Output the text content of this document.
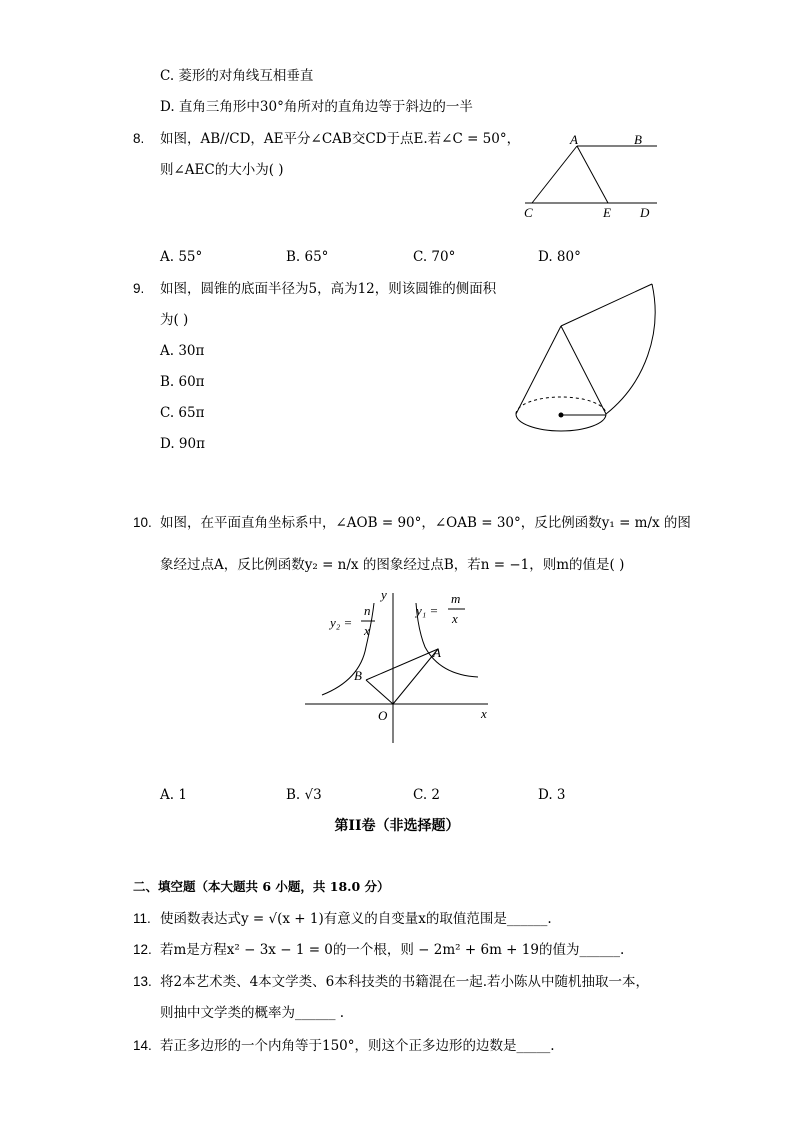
C. 菱形的对角线互相垂直
D. 直角三角形中30°角所对的直角边等于斜边的一半
8. 如图，AB//CD，AE平分∠CAB交CD于点E.若∠C = 50°，
则∠AEC的大小为( )
A	B
C	E D
A. 55°	B. 65°	C. 70°	D. 80°
9. 如图，圆锥的底面半径为5，高为12，则该圆锥的侧面积
为( )
A. 30π
B. 60π
C. 65π
D. 90π
10. 如图，在平面直角坐标系中，∠AOB = 90°，∠OAB = 30°，反比例函数y₁ = m/x 的图
象经过点A，反比例函数y₂ = n/x 的图象经过点B，若n = −1，则m的值是( )
x
y
O
A
B
y₂ =
n
x
y₁ =
m
x
A. 1	B. √3	C. 2	D. 3
第II卷（非选择题）
二、填空题（本大题共 6 小题，共 18.0 分）
11. 使函数表达式y = √(x + 1)有意义的自变量x的取值范围是______.
12. 若m是方程x² − 3x − 1 = 0的一个根，则 − 2m² + 6m + 19的值为______.
13. 将2本艺术类、4本文学类、6本科技类的书籍混在一起.若小陈从中随机抽取一本，
则抽中文学类的概率为______ .
14. 若正多边形的一个内角等于150°，则这个正多边形的边数是_____.
